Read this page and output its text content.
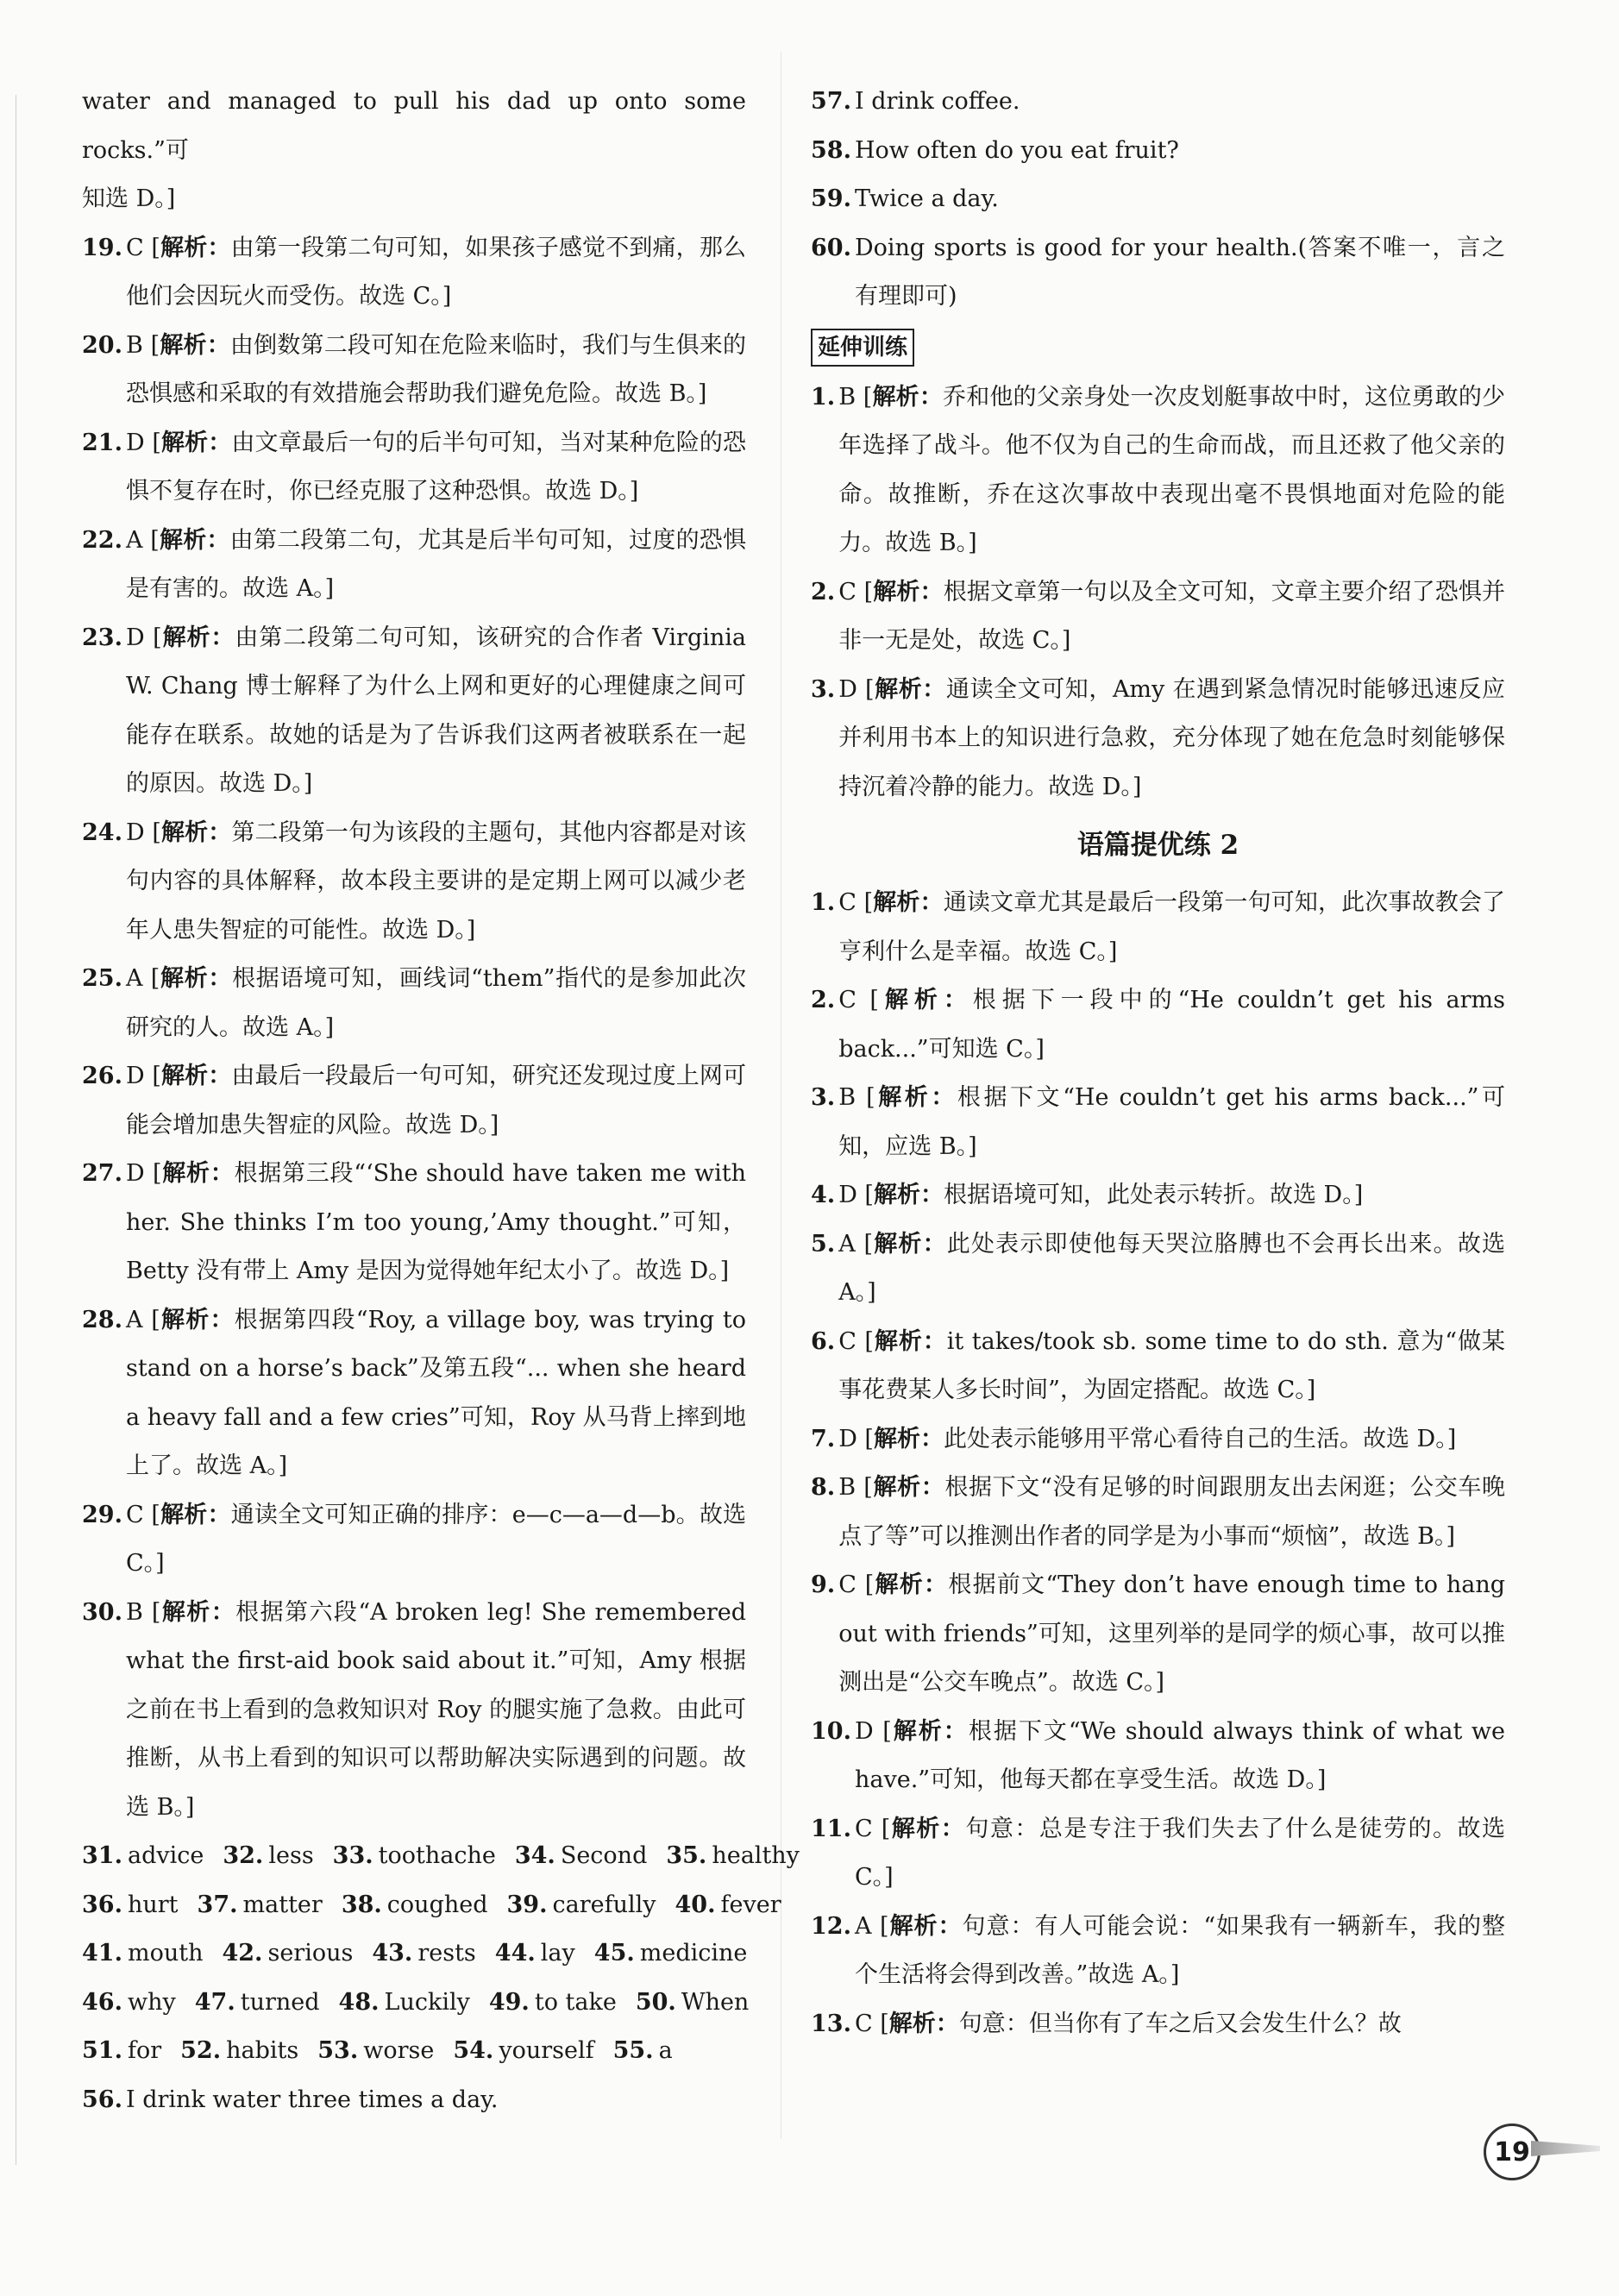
water and managed to pull his dad up onto some rocks.”可
知选 D。]
19. C [解析：由第一段第二句可知，如果孩子感觉不到痛，那么他们会因玩火而受伤。故选 C。]
20. B [解析：由倒数第二段可知在危险来临时，我们与生俱来的恐惧感和采取的有效措施会帮助我们避免危险。故选 B。]
21. D [解析：由文章最后一句的后半句可知，当对某种危险的恐惧不复存在时，你已经克服了这种恐惧。故选 D。]
22. A [解析：由第二段第二句，尤其是后半句可知，过度的恐惧是有害的。故选 A。]
23. D [解析：由第二段第二句可知，该研究的合作者 Virginia W. Chang 博士解释了为什么上网和更好的心理健康之间可能存在联系。故她的话是为了告诉我们这两者被联系在一起的原因。故选 D。]
24. D [解析：第二段第一句为该段的主题句，其他内容都是对该句内容的具体解释，故本段主要讲的是定期上网可以减少老年人患失智症的可能性。故选 D。]
25. A [解析：根据语境可知，画线词“them”指代的是参加此次研究的人。故选 A。]
26. D [解析：由最后一段最后一句可知，研究还发现过度上网可能会增加患失智症的风险。故选 D。]
27. D [解析：根据第三段“‘She should have taken me with her. She thinks I’m too young,’Amy thought.”可知，Betty 没有带上 Amy 是因为觉得她年纪太小了。故选 D。]
28. A [解析：根据第四段“Roy, a village boy, was trying to stand on a horse’s back”及第五段“... when she heard a heavy fall and a few cries”可知，Roy 从马背上摔到地上了。故选 A。]
29. C [解析：通读全文可知正确的排序：e—c—a—d—b。故选 C。]
30. B [解析：根据第六段“A broken leg! She remembered what the first-aid book said about it.”可知，Amy 根据之前在书上看到的急救知识对 Roy 的腿实施了急救。由此可推断，从书上看到的知识可以帮助解决实际遇到的问题。故选 B。]
31. advice 32. less 33. toothache 34. Second 35. healthy
36. hurt 37. matter 38. coughed 39. carefully 40. fever
41. mouth 42. serious 43. rests 44. lay 45. medicine
46. why 47. turned 48. Luckily 49. to take 50. When
51. for 52. habits 53. worse 54. yourself 55. a
56. I drink water three times a day.
57. I drink coffee.
58. How often do you eat fruit?
59. Twice a day.
60. Doing sports is good for your health.(答案不唯一，言之有理即可)
延伸训练
1. B [解析：乔和他的父亲身处一次皮划艇事故中时，这位勇敢的少年选择了战斗。他不仅为自己的生命而战，而且还救了他父亲的命。故推断，乔在这次事故中表现出毫不畏惧地面对危险的能力。故选 B。]
2. C [解析：根据文章第一句以及全文可知，文章主要介绍了恐惧并非一无是处，故选 C。]
3. D [解析：通读全文可知，Amy 在遇到紧急情况时能够迅速反应并利用书本上的知识进行急救，充分体现了她在危急时刻能够保持沉着冷静的能力。故选 D。]
语篇提优练 2
1. C [解析：通读文章尤其是最后一段第一句可知，此次事故教会了亨利什么是幸福。故选 C。]
2. C [解析：根据下一段中的“He couldn’t get his arms back...”可知选 C。]
3. B [解析：根据下文“He couldn’t get his arms back...”可知，应选 B。]
4. D [解析：根据语境可知，此处表示转折。故选 D。]
5. A [解析：此处表示即使他每天哭泣胳膊也不会再长出来。故选 A。]
6. C [解析：it takes/took sb. some time to do sth. 意为“做某事花费某人多长时间”，为固定搭配。故选 C。]
7. D [解析：此处表示能够用平常心看待自己的生活。故选 D。]
8. B [解析：根据下文“没有足够的时间跟朋友出去闲逛；公交车晚点了等”可以推测出作者的同学是为小事而“烦恼”，故选 B。]
9. C [解析：根据前文“They don’t have enough time to hang out with friends”可知，这里列举的是同学的烦心事，故可以推测出是“公交车晚点”。故选 C。]
10. D [解析：根据下文“We should always think of what we have.”可知，他每天都在享受生活。故选 D。]
11. C [解析：句意：总是专注于我们失去了什么是徒劳的。故选 C。]
12. A [解析：句意：有人可能会说：“如果我有一辆新车，我的整个生活将会得到改善。”故选 A。]
13. C [解析：句意：但当你有了车之后又会发生什么？故
19
